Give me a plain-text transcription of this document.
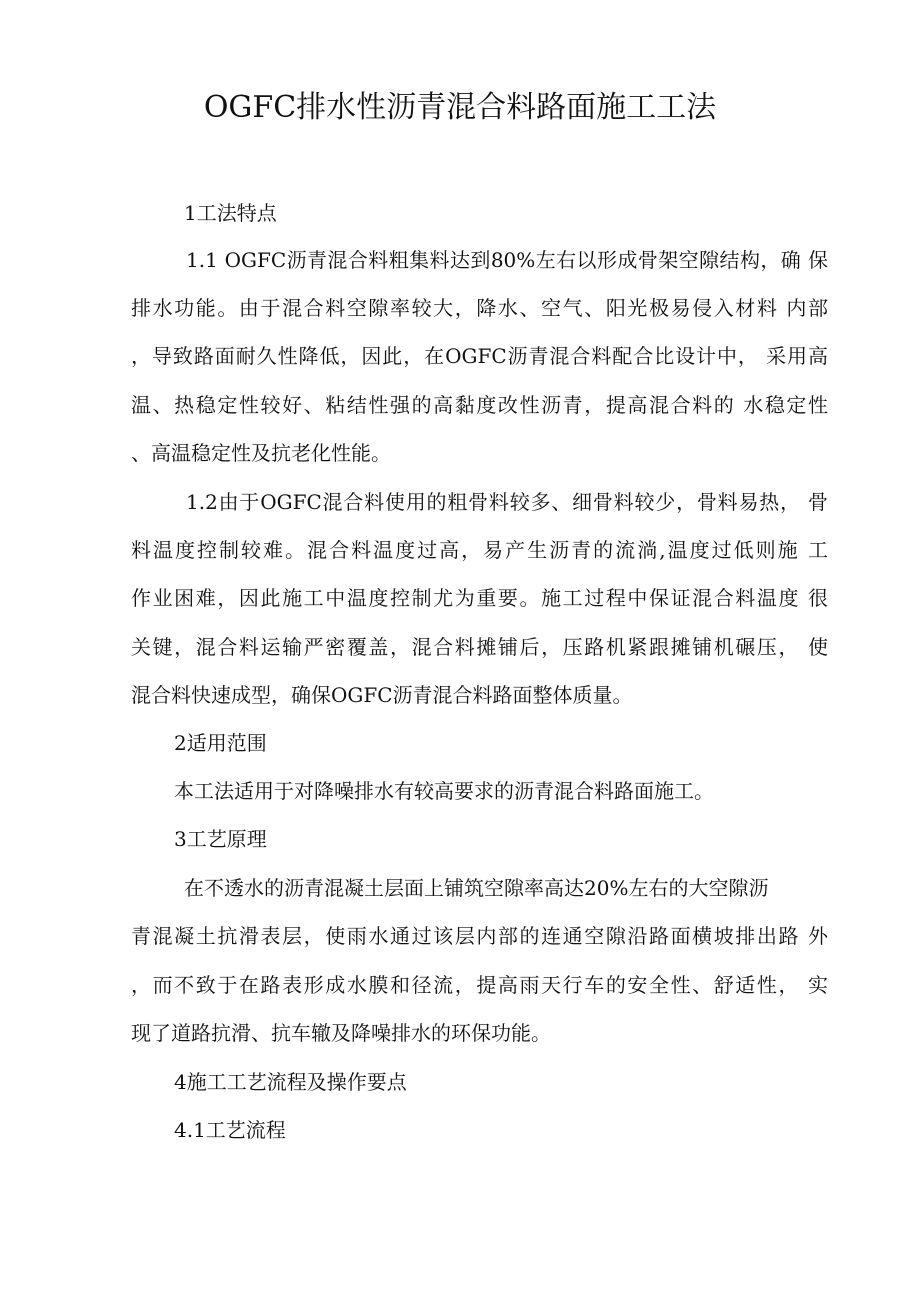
OGFC排水性沥青混合料路面施工工法

1工法特点

1.1 OGFC沥青混合料粗集料达到80%左右以形成骨架空隙结构，确 保

排水功能。由于混合料空隙率较大，降水、空气、阳光极易侵入材料 内部

，导致路面耐久性降低，因此，在OGFC沥青混合料配合比设计中， 采用高

温、热稳定性较好、粘结性强的高黏度改性沥青，提高混合料的 水稳定性

、高温稳定性及抗老化性能。

1.2由于OGFC混合料使用的粗骨料较多、细骨料较少，骨料易热， 骨

料温度控制较难。混合料温度过高，易产生沥青的流淌,温度过低则施 工

作业困难，因此施工中温度控制尤为重要。施工过程中保证混合料温度 很

关键，混合料运输严密覆盖，混合料摊铺后，压路机紧跟摊铺机碾压， 使

混合料快速成型，确保OGFC沥青混合料路面整体质量。

2适用范围

本工法适用于对降噪排水有较高要求的沥青混合料路面施工。

3工艺原理

在不透水的沥青混凝土层面上铺筑空隙率高达20%左右的大空隙沥

青混凝土抗滑表层，使雨水通过该层内部的连通空隙沿路面横坡排出路 外

，而不致于在路表形成水膜和径流，提高雨天行车的安全性、舒适性， 实

现了道路抗滑、抗车辙及降噪排水的环保功能。

4施工工艺流程及操作要点

4.1工艺流程
